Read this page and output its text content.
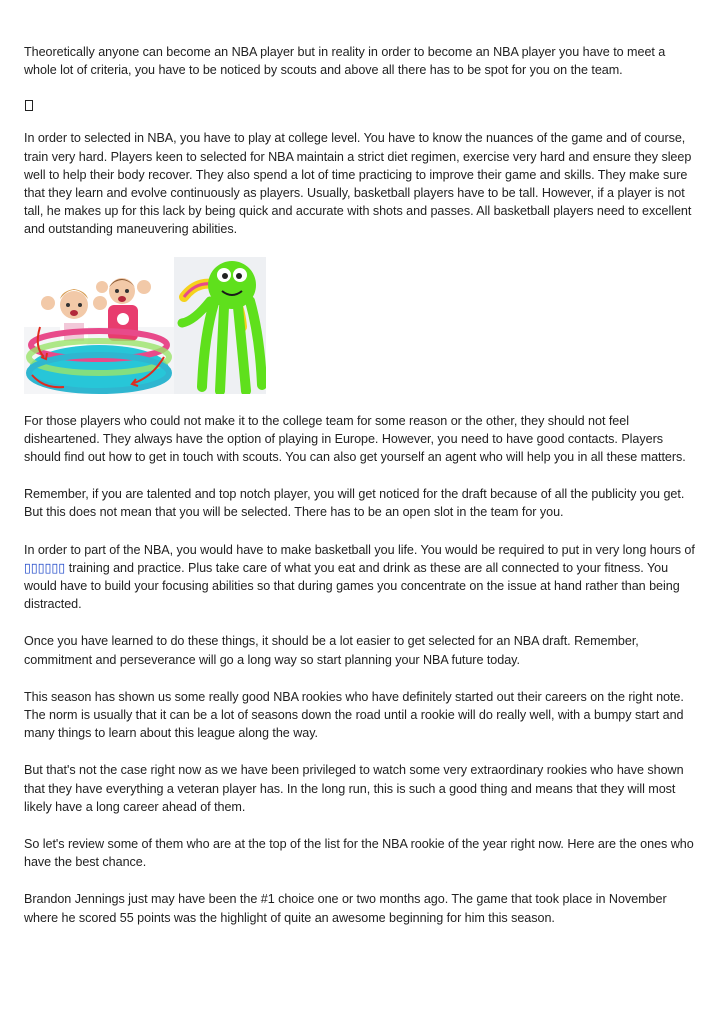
Theoretically anyone can become an NBA player but in reality in order to become an NBA player you have to meet a whole lot of criteria, you have to be noticed by scouts and above all there has to be spot for you on the team.

In order to selected in NBA, you have to play at college level. You have to know the nuances of the game and of course, train very hard. Players keen to selected for NBA maintain a strict diet regimen, exercise very hard and ensure they sleep well to help their body recover. They also spend a lot of time practicing to improve their game and skills. They make sure that they learn and evolve continuously as players. Usually, basketball players have to be tall. However, if a player is not tall, he makes up for this lack by being quick and accurate with shots and passes. All basketball players need to excellent and outstanding maneuvering abilities.

For those players who could not make it to the college team for some reason or the other, they should not feel disheartened. They always have the option of playing in Europe. However, you need to have good contacts. Players should find out how to get in touch with scouts. You can also get yourself an agent who will help you in all these matters.

Remember, if you are talented and top notch player, you will get noticed for the draft because of all the publicity you get. But this does not mean that you will be selected. There has to be an open slot in the team for you.

In order to part of the NBA, you would have to make basketball you life. You would be required to put in very long hours of ▯▯▯▯▯▯ training and practice. Plus take care of what you eat and drink as these are all connected to your fitness. You would have to build your focusing abilities so that during games you concentrate on the issue at hand rather than being distracted.

Once you have learned to do these things, it should be a lot easier to get selected for an NBA draft. Remember, commitment and perseverance will go a long way so start planning your NBA future today.

This season has shown us some really good NBA rookies who have definitely started out their careers on the right note. The norm is usually that it can be a lot of seasons down the road until a rookie will do really well, with a bumpy start and many things to learn about this league along the way.

But that's not the case right now as we have been privileged to watch some very extraordinary rookies who have shown that they have everything a veteran player has. In the long run, this is such a good thing and means that they will most likely have a long career ahead of them.

So let's review some of them who are at the top of the list for the NBA rookie of the year right now. Here are the ones who have the best chance.

Brandon Jennings just may have been the #1 choice one or two months ago. The game that took place in November where he scored 55 points was the highlight of quite an awesome beginning for him this season.
